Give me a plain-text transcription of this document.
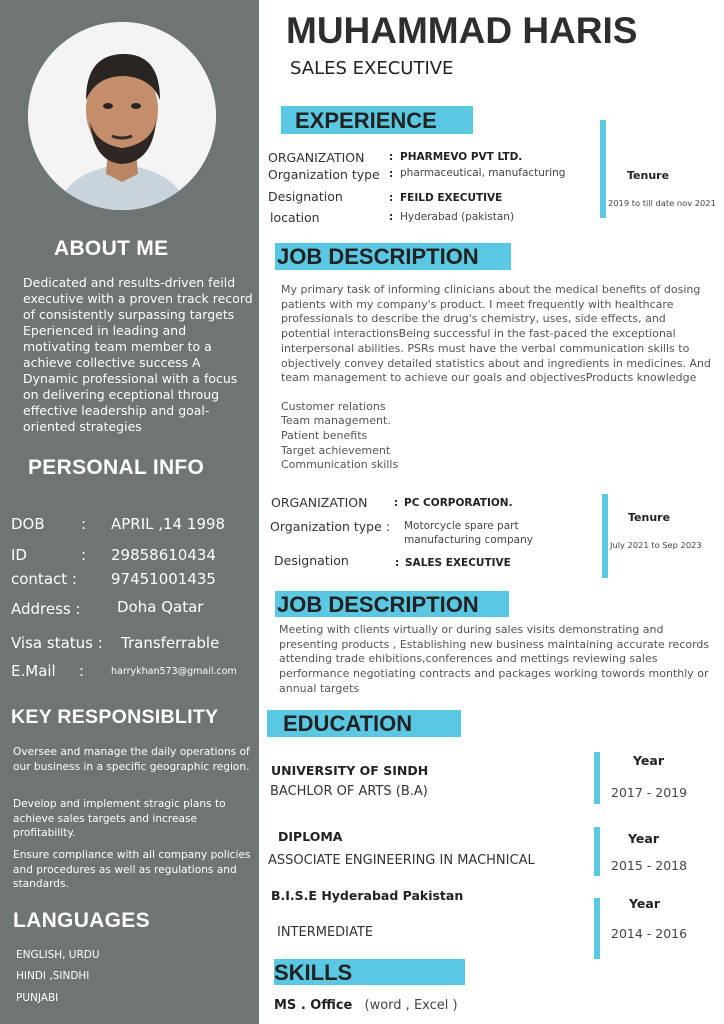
ABOUT ME
Dedicated and results-driven feild executive with a proven track record of consistently surpassing targets Eperienced in leading and motivating team member to a achieve collective success A Dynamic professional with a focus on delivering eceptional throug effective leadership and goal-oriented strategies
PERSONAL INFO
DOB : APRIL ,14 1998
ID	: 29858610434
contact : 97451001435
Address : Doha Qatar
Visa status : Transferrable
E.Mail :	harrykhan573@gmail.com
KEY RESPONSIBLITY
Oversee and manage the daily operations of our business in a specific geographic region.
Develop and implement stragic plans to achieve sales targets and increase profitability.
Ensure compliance with all company policies and procedures as well as regulations and standards.
LANGUAGES
ENGLISH, URDU
HINDI ,SINDHI
PUNJABI
MUHAMMAD HARIS
SALES EXECUTIVE
EXPERIENCE
ORGANIZATION : PHARMEVO PVT LTD.
Organization type : pharmaceutical, manufacturing
Designation	: FEILD EXECUTIVE
location	: Hyderabad (pakistan)
Tenure
2019 to till date nov 2021
JOB DESCRIPTION
My primary task of informing clinicians about the medical benefits of dosing patients with my company's product. I meet frequently with healthcare professionals to describe the drug's chemistry, uses, side effects, and potential interactionsBeing successful in the fast-paced the exceptional interpersonal abilities. PSRs must have the verbal communication skills to objectively convey detailed statistics about and ingredients in medicines. And team management to achieve our goals and objectivesProducts knowledge
Customer relations
Team management.
Patient benefits
Target achievement
Communication skills
ORGANIZATION	: PC CORPORATION.
Organization type : Motorcycle spare part
manufacturing company
Designation	: SALES EXECUTIVE
Tenure
July 2021 to Sep 2023
JOB DESCRIPTION
Meeting with clients virtually or during sales visits demonstrating and presenting products , Establishing new business maintaining accurate records attending trade ehibitions,conferences and mettings reviewing sales performance negotiating contracts and packages working towords monthly or annual targets
EDUCATION
UNIVERSITY OF SINDH
BACHLOR OF ARTS (B.A)
Year
2017 - 2019
DIPLOMA
ASSOCIATE ENGINEERING IN MACHNICAL
Year
2015 - 2018
B.I.S.E Hyderabad Pakistan
INTERMEDIATE
Year
2014 - 2016
SKILLS
MS . Office (word , Excel )
